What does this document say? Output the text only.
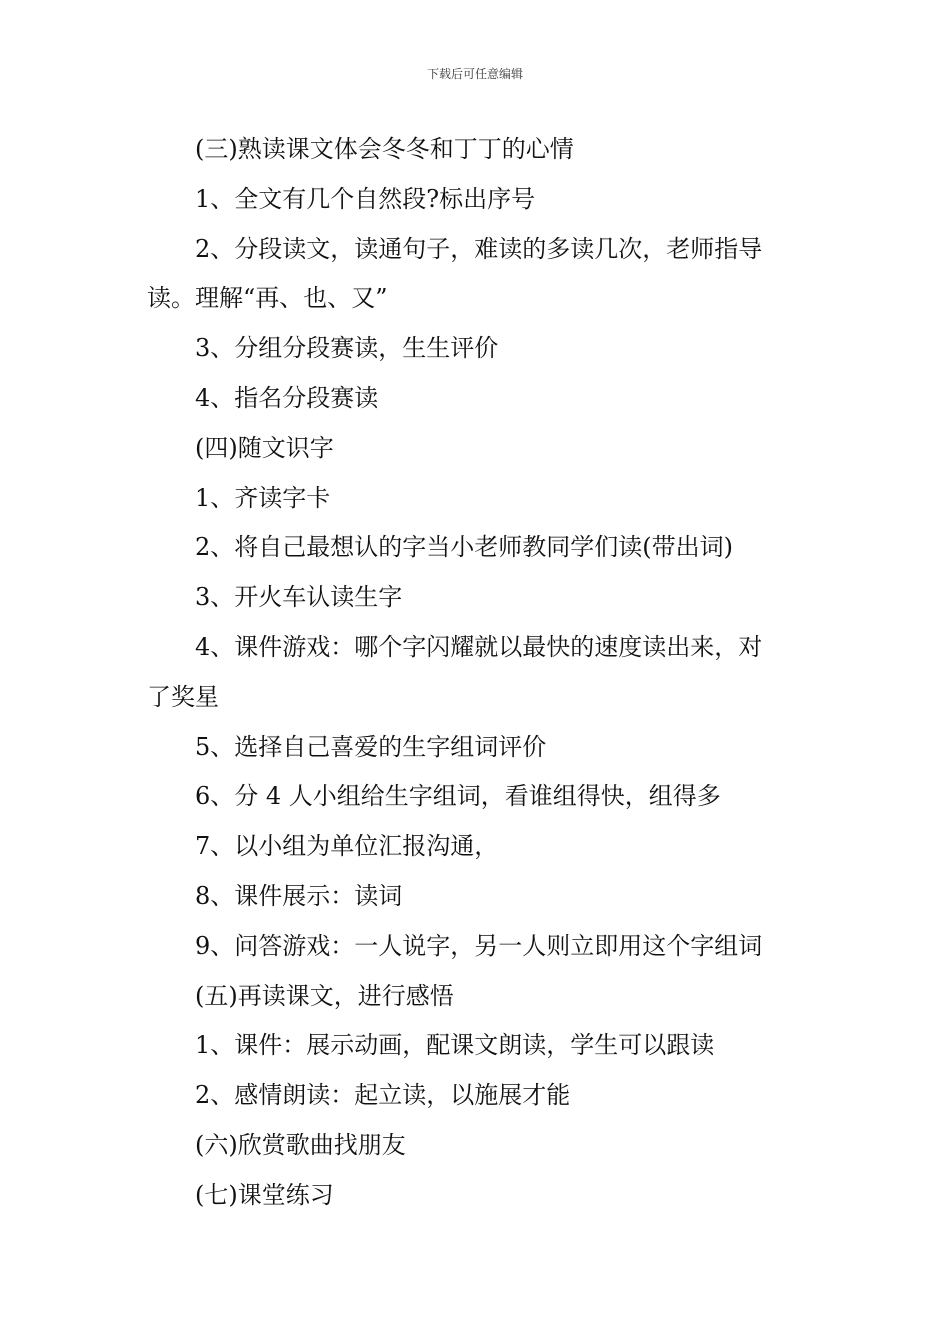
下载后可任意编辑
(三)熟读课文体会冬冬和丁丁的心情
1、全文有几个自然段?标出序号
2、分段读文，读通句子，难读的多读几次，老师指导
读。理解“再、也、又”
3、分组分段赛读，生生评价
4、指名分段赛读
(四)随文识字
1、齐读字卡
2、将自己最想认的字当小老师教同学们读(带出词)
3、开火车认读生字
4、课件游戏：哪个字闪耀就以最快的速度读出来，对
了奖星
5、选择自己喜爱的生字组词评价
6、分 4 人小组给生字组词，看谁组得快，组得多
7、以小组为单位汇报沟通，
8、课件展示：读词
9、问答游戏：一人说字，另一人则立即用这个字组词
(五)再读课文，进行感悟
1、课件：展示动画，配课文朗读，学生可以跟读
2、感情朗读：起立读，以施展才能
(六)欣赏歌曲找朋友
(七)课堂练习
